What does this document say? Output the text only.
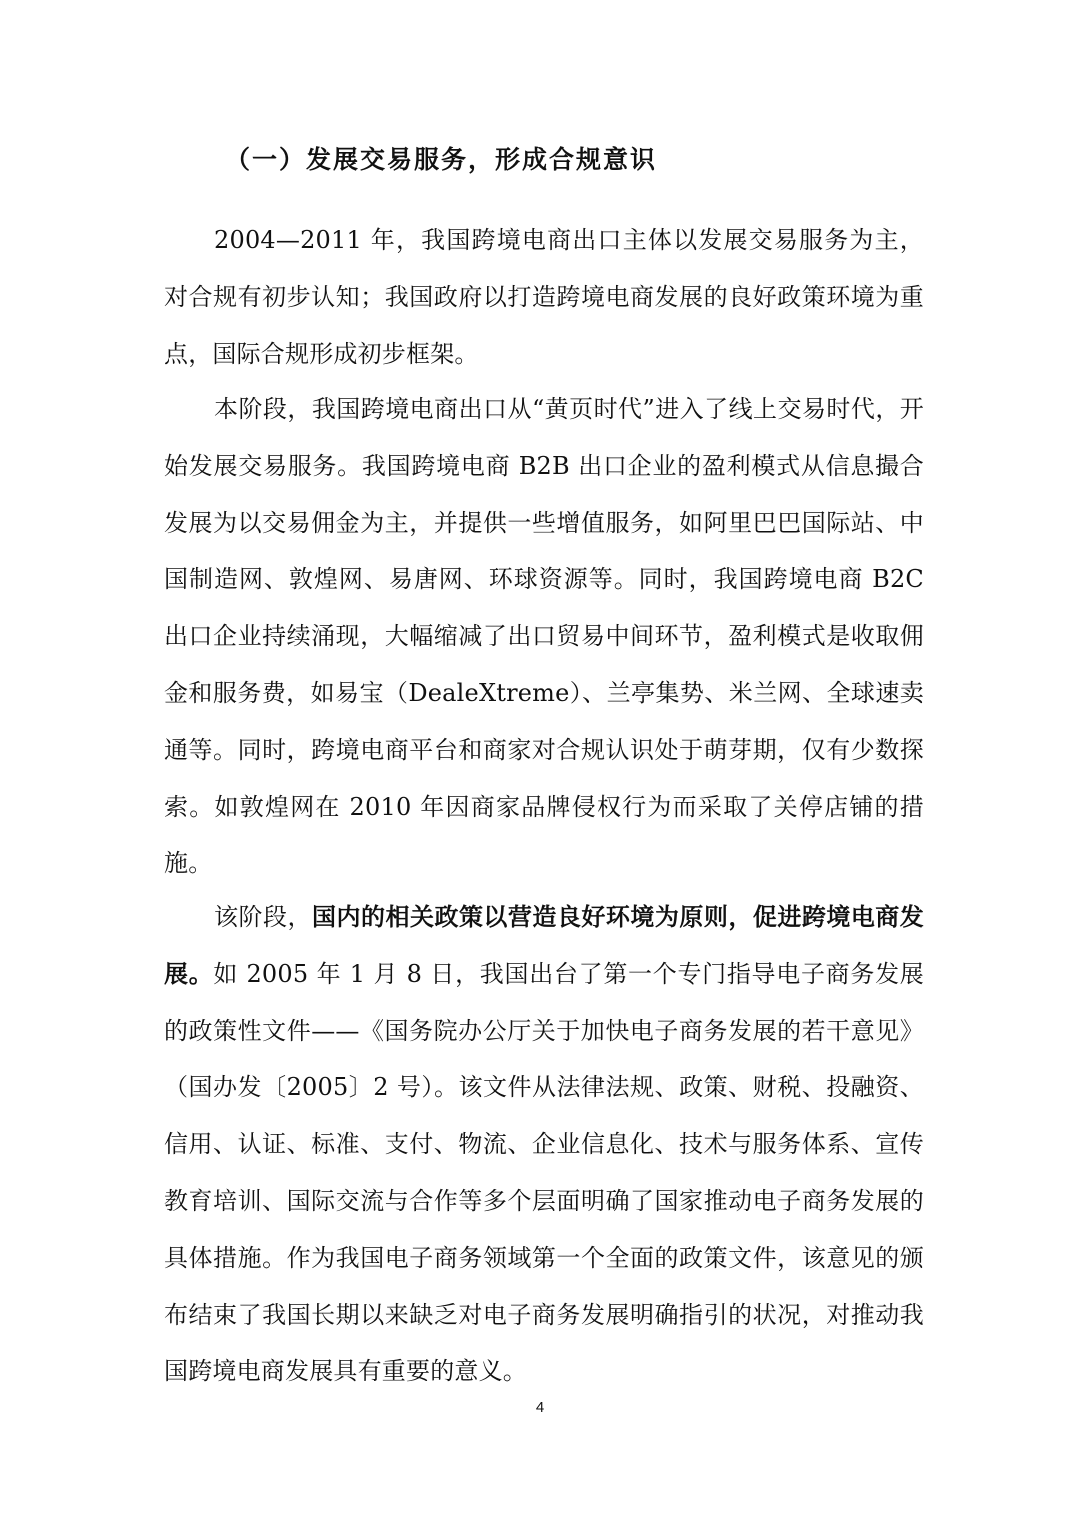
（一）发展交易服务，形成合规意识

2004—2011 年，我国跨境电商出口主体以发展交易服务为主，对合规有初步认知；我国政府以打造跨境电商发展的良好政策环境为重点，国际合规形成初步框架。

本阶段，我国跨境电商出口从“黄页时代”进入了线上交易时代，开始发展交易服务。我国跨境电商 B2B 出口企业的盈利模式从信息撮合发展为以交易佣金为主，并提供一些增值服务，如阿里巴巴国际站、中国制造网、敦煌网、易唐网、环球资源等。同时，我国跨境电商 B2C 出口企业持续涌现，大幅缩减了出口贸易中间环节，盈利模式是收取佣金和服务费，如易宝（DealeXtreme）、兰亭集势、米兰网、全球速卖通等。同时，跨境电商平台和商家对合规认识处于萌芽期，仅有少数探索。如敦煌网在 2010 年因商家品牌侵权行为而采取了关停店铺的措施。

该阶段，国内的相关政策以营造良好环境为原则，促进跨境电商发展。如 2005 年 1 月 8 日，我国出台了第一个专门指导电子商务发展的政策性文件——《国务院办公厅关于加快电子商务发展的若干意见》（国办发〔2005〕2 号）。该文件从法律法规、政策、财税、投融资、信用、认证、标准、支付、物流、企业信息化、技术与服务体系、宣传教育培训、国际交流与合作等多个层面明确了国家推动电子商务发展的具体措施。作为我国电子商务领域第一个全面的政策文件，该意见的颁布结束了我国长期以来缺乏对电子商务发展明确指引的状况，对推动我国跨境电商发展具有重要的意义。

4
